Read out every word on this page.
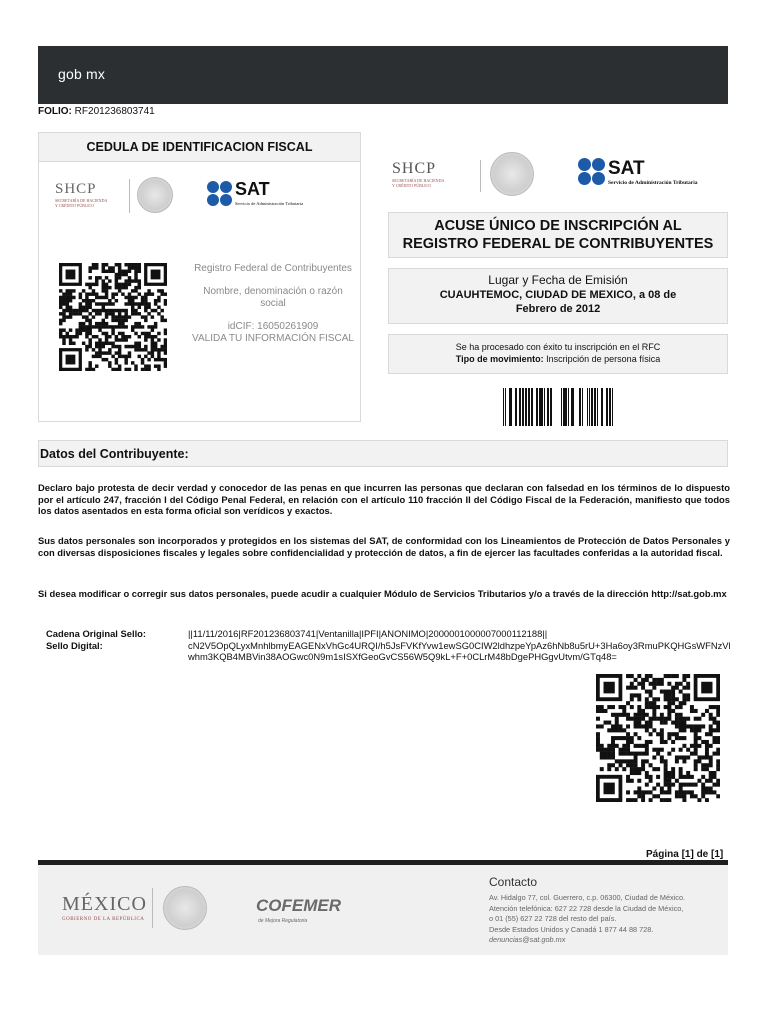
gob mx
FOLIO: RF201236803741
CEDULA DE IDENTIFICACION FISCAL
SHCP
SECRETARÍA DE HACIENDA
Y CRÉDITO PÚBLICO
SAT
Servicio de Administración Tributaria

Registro Federal de Contribuyentes

Nombre, denominación o razón social

idCIF: 16050261909
VALIDA TU INFORMACIÓN FISCAL
SHCP
SECRETARÍA DE HACIENDA
Y CRÉDITO PÚBLICO
SAT
Servicio de Administración Tributaria
ACUSE ÚNICO DE INSCRIPCIÓN AL
REGISTRO FEDERAL DE CONTRIBUYENTES
Lugar y Fecha de Emisión
CUAUHTEMOC, CIUDAD DE MEXICO, a 08 de Febrero de 2012
Se ha procesado con éxito tu inscripción en el RFC
Tipo de movimiento: Inscripción de persona física
Datos del Contribuyente:
Declaro bajo protesta de decir verdad y conocedor de las penas en que incurren las personas que declaran con falsedad en los términos de lo dispuesto por el artículo 247, fracción I del Código Penal Federal, en relación con el artículo 110 fracción II del Código Fiscal de la Federación, manifiesto que todos los datos asentados en esta forma oficial son verídicos y exactos.
Sus datos personales son incorporados y protegidos en los sistemas del SAT, de conformidad con los Lineamientos de Protección de Datos Personales y con diversas disposiciones fiscales y legales sobre confidencialidad y protección de datos, a fin de ejercer las facultades conferidas a la autoridad fiscal.
Si desea modificar o corregir sus datos personales, puede acudir a cualquier Módulo de Servicios Tributarios y/o a través de la dirección http://sat.gob.mx
Cadena Original Sello:	||11/11/2016|RF201236803741|Ventanilla|IPFI|ANONIMO|200000100000700011218​8||
Sello Digital:	cN2V5OpQLyxMnhlbmyEAGENxVhGc4URQI/h5JsFVKfYvw1ewSG0CIW2ldhzpeYpAz6hNb8u5rU+3Ha6oy3RmuPKQHGsWFNzVlwhm3KQB4MBVin38AOGwc0N9m1sISXfGeoGvCS56W5Q9kL+F+0CLrM48bDgePHGgvUtvm/GTq48=
Página [1] de [1]
MÉXICO
GOBIERNO DE LA REPÚBLICA
COFEMER
de Mejora Regulatoria
Contacto
Av. Hidalgo 77, col. Guerrero, c.p. 06300, Ciudad de México.
Atención telefónica: 627 22 728 desde la Ciudad de México,
o 01 (55) 627 22 728 del resto del país.
Desde Estados Unidos y Canadá 1 877 44 88 728.
denuncias@sat.gob.mx
